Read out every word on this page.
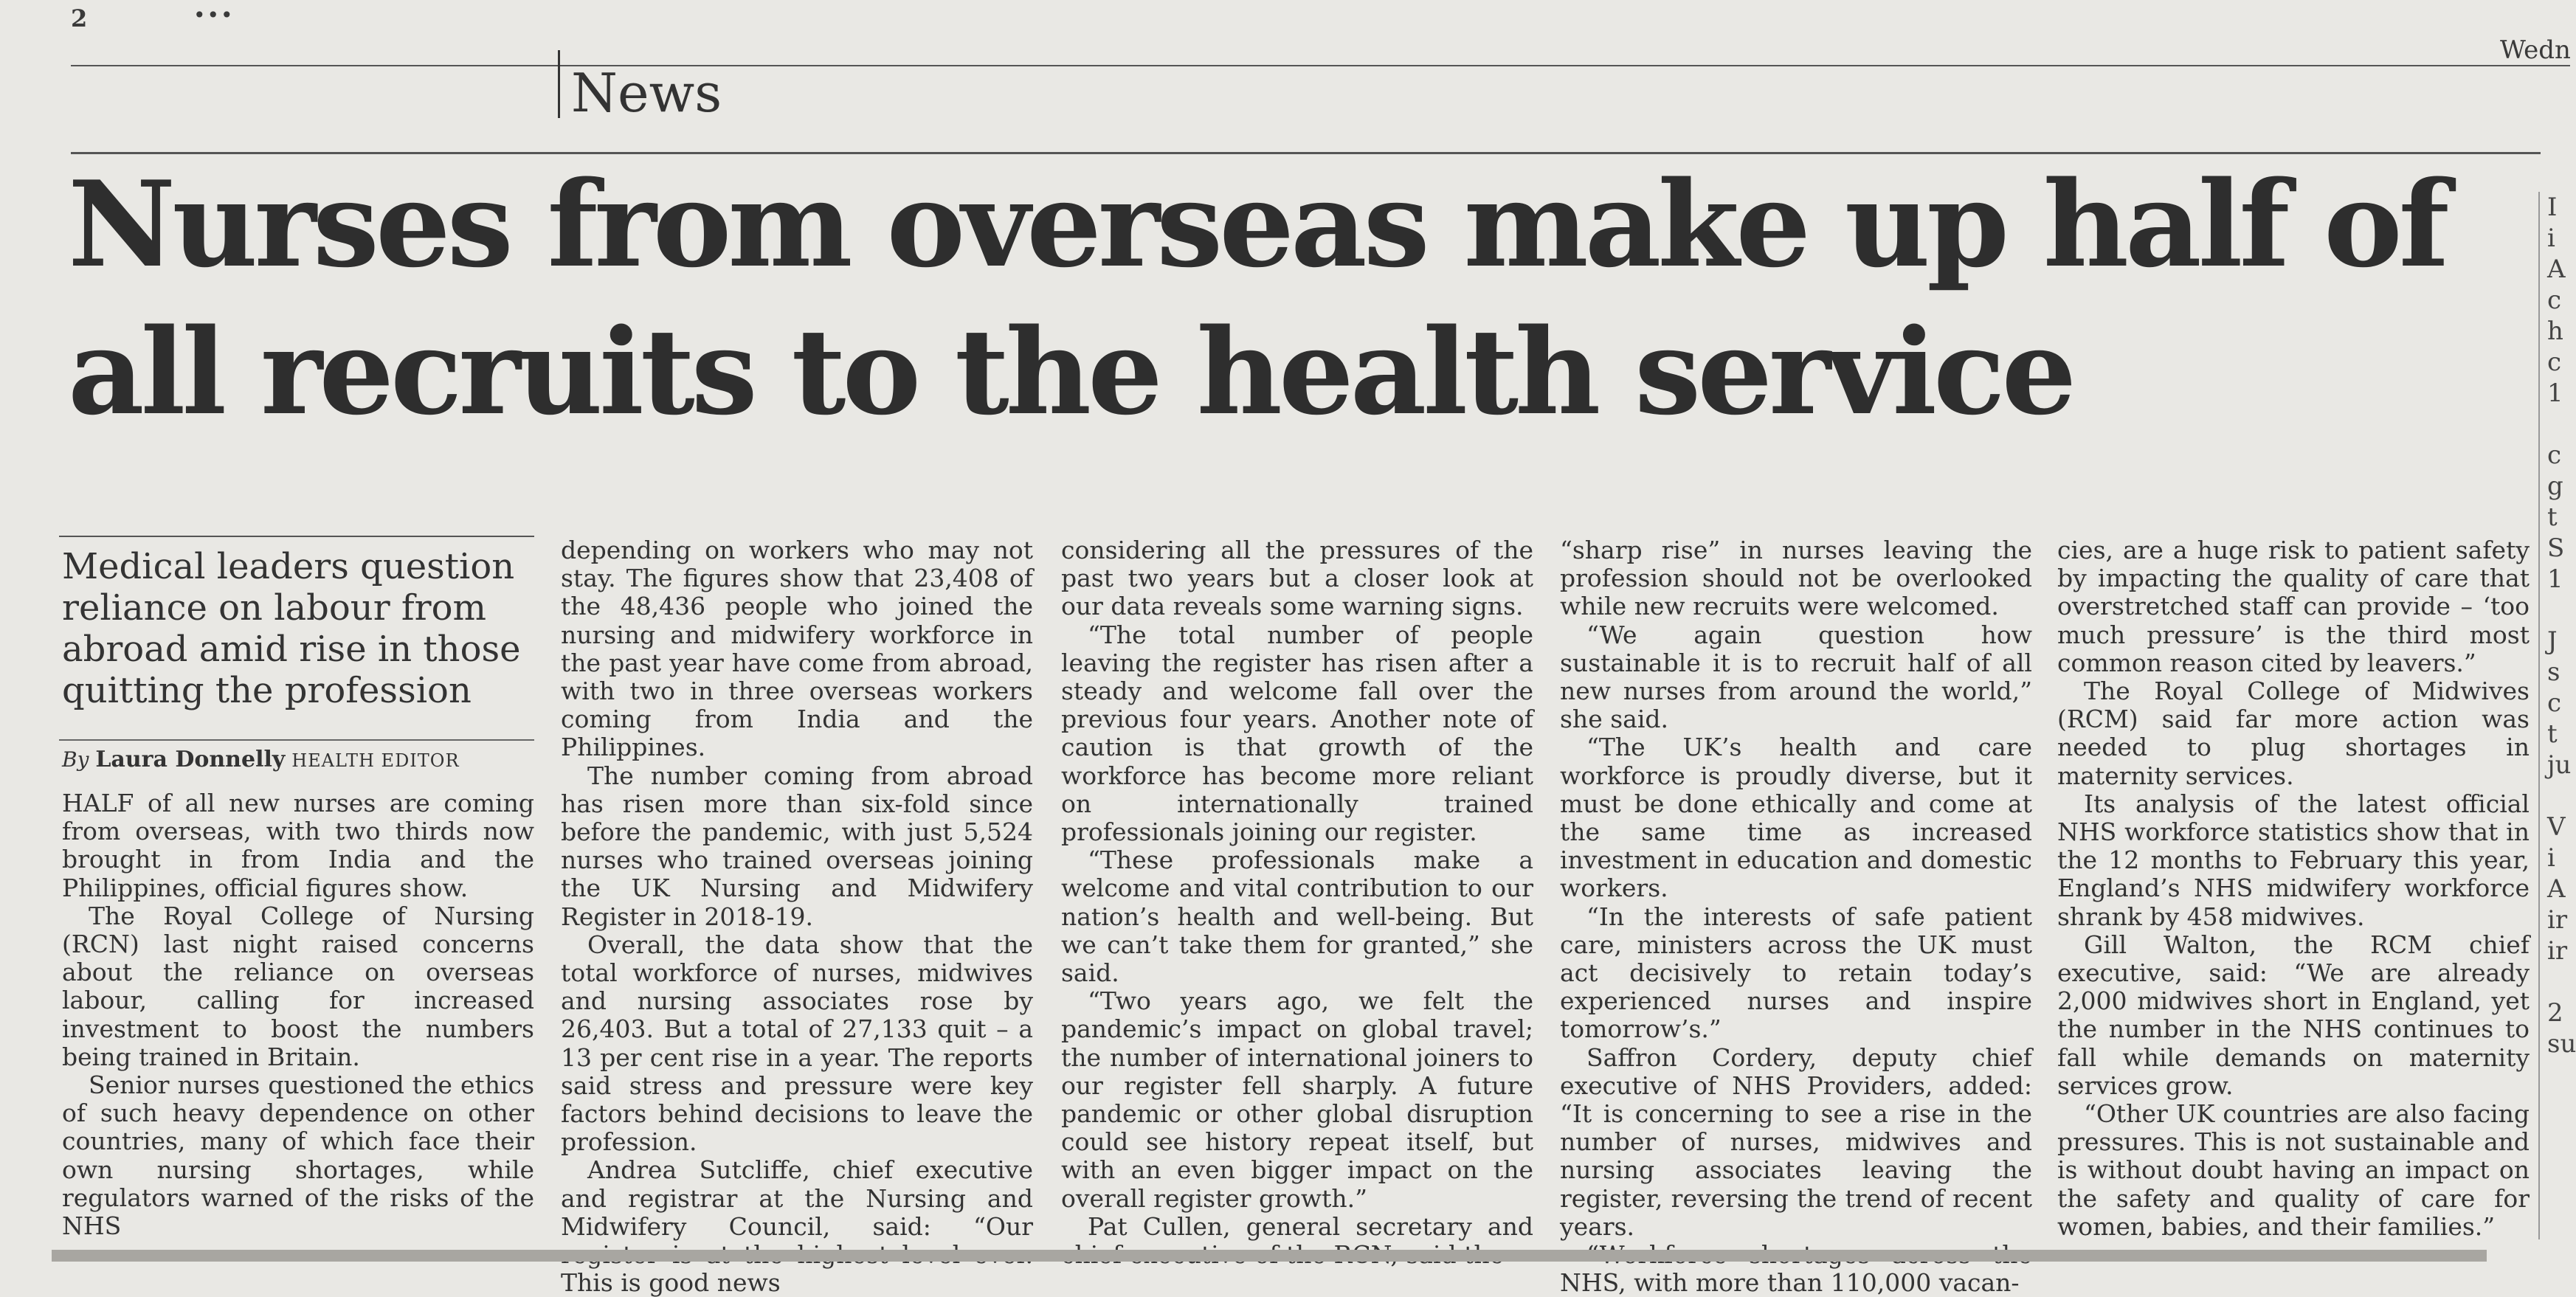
2	•••
Wedn
News
Nurses from overseas make up half of all recruits to the health service

Medical leaders question reliance on labour from abroad amid rise in those quitting the profession

By Laura Donnelly HEALTH EDITOR

HALF of all new nurses are coming from overseas, with two thirds now brought in from India and the Philippines, official figures show.

The Royal College of Nursing (RCN) last night raised concerns about the reliance on overseas labour, calling for increased investment to boost the numbers being trained in Britain.

Senior nurses questioned the ethics of such heavy dependence on other countries, many of which face their own nursing shortages, while regulators warned of the risks of the NHS

depending on workers who may not stay. The figures show that 23,408 of the 48,436 people who joined the nursing and midwifery workforce in the past year have come from abroad, with two in three overseas workers coming from India and the Philippines.

The number coming from abroad has risen more than six-fold since before the pandemic, with just 5,524 nurses who trained overseas joining the UK Nursing and Midwifery Register in 2018-19.

Overall, the data show that the total workforce of nurses, midwives and nursing associates rose by 26,403. But a total of 27,133 quit – a 13 per cent rise in a year. The reports said stress and pressure were key factors behind decisions to leave the profession.

Andrea Sutcliffe, chief executive and registrar at the Nursing and Midwifery Council, said: “Our This is good news

considering all the pressures of the past two years but a closer look at our data reveals some warning signs.

“The total number of people leaving the register has risen after a steady and welcome fall over the previous four years. Another note of caution is that growth of the workforce has become more reliant on internationally trained professionals joining our register.

“These professionals make a welcome and vital contribution to our nation’s health and well-being. But we can’t take them for granted,” she said.

“Two years ago, we felt the pandemic’s impact on global travel; the number of international joiners to our register fell sharply. A future pandemic or other global disruption could see history repeat itself, but with an even bigger impact on the overall register growth.”

Pat Cullen, general secretary and

“sharp rise” in nurses leaving the profession should not be overlooked while new recruits were welcomed.

“We again question how sustainable it is to recruit half of all new nurses from around the world,” she said.

“The UK’s health and care workforce is proudly diverse, but it must be done ethically and come at the same time as increased investment in education and domestic workers.

“In the interests of safe patient care, ministers across the UK must act decisively to retain today’s experienced nurses and inspire tomorrow’s.”

Saffron Cordery, deputy chief executive of NHS Providers, added: “It is concerning to see a rise in the number of nurses, midwives and nursing associates leaving the register, reversing the trend of recent years.

NHS, with more than 110,000 vacan-

cies, are a huge risk to patient safety by impacting the quality of care that overstretched staff can provide – ‘too much pressure’ is the third most common reason cited by leavers.”

The Royal College of Midwives (RCM) said far more action was needed to plug shortages in maternity services.

Its analysis of the latest official NHS workforce statistics show that in the 12 months to February this year, England’s NHS midwifery workforce shrank by 458 midwives.

Gill Walton, the RCM chief executive, said: “We are already 2,000 midwives short in England, yet the number in the NHS continues to fall while demands on maternity services grow.

“Other UK countries are also facing pressures. This is not sustainable and is without doubt having an impact on the safety and quality of care for women, babies, and their families.”

I
i
A
c
h
c
1

c
g
t
S
1

J
s
c
t
ju

V
i
A
ir
ir

2
su
